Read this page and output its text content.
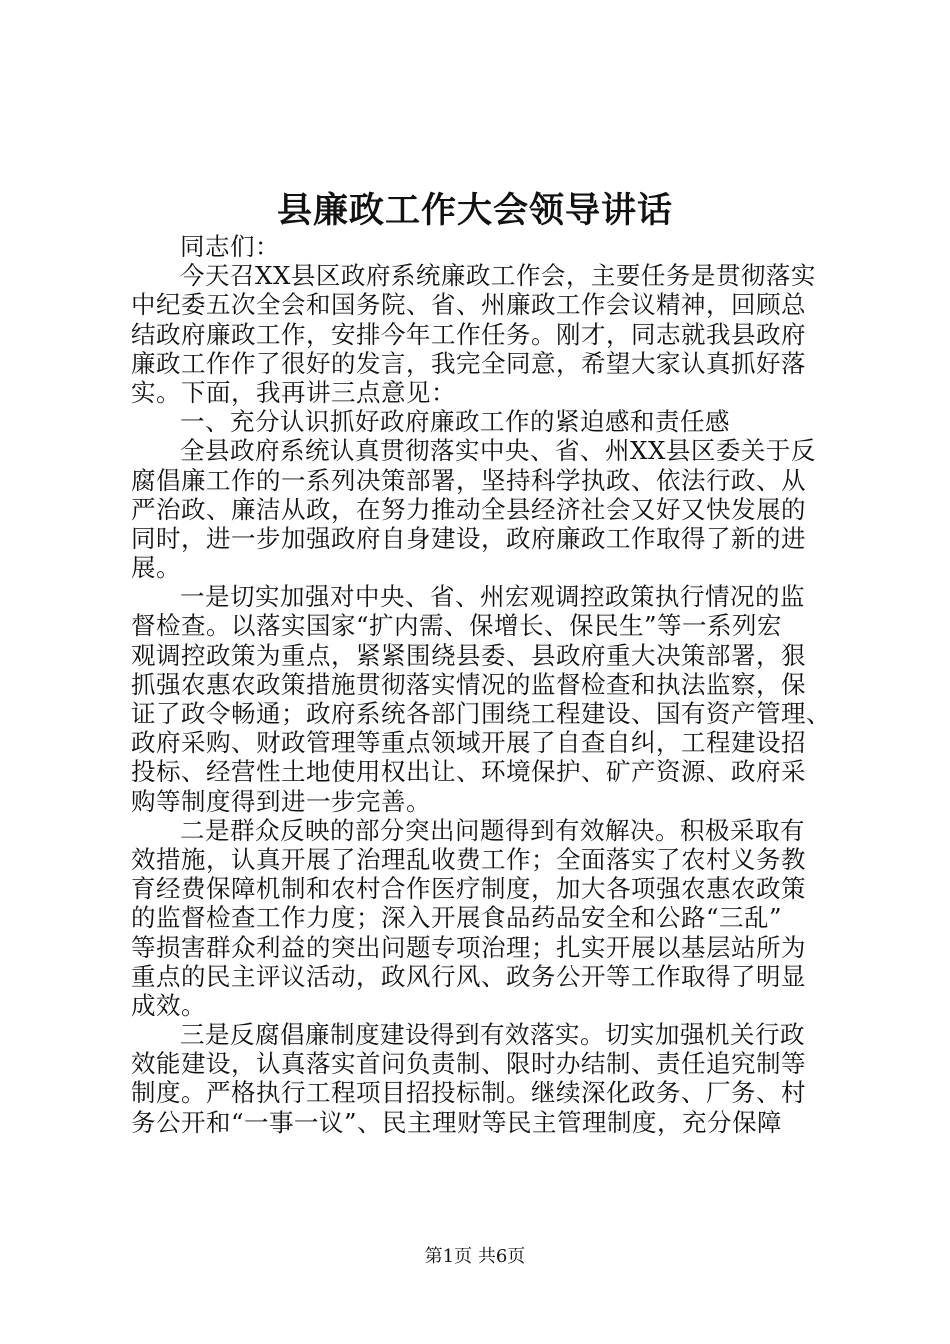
县廉政工作大会领导讲话
同志们：
今天召XX县区政府系统廉政工作会，主要任务是贯彻落实
中纪委五次全会和国务院、省、州廉政工作会议精神，回顾总
结政府廉政工作，安排今年工作任务。刚才，同志就我县政府
廉政工作作了很好的发言，我完全同意，希望大家认真抓好落
实。下面，我再讲三点意见：
一、充分认识抓好政府廉政工作的紧迫感和责任感
全县政府系统认真贯彻落实中央、省、州XX县区委关于反
腐倡廉工作的一系列决策部署，坚持科学执政、依法行政、从
严治政、廉洁从政，在努力推动全县经济社会又好又快发展的
同时，进一步加强政府自身建设，政府廉政工作取得了新的进
展。
一是切实加强对中央、省、州宏观调控政策执行情况的监
督检查。以落实国家“扩内需、保增长、保民生”等一系列宏
观调控政策为重点，紧紧围绕县委、县政府重大决策部署，狠
抓强农惠农政策措施贯彻落实情况的监督检查和执法监察，保
证了政令畅通；政府系统各部门围绕工程建设、国有资产管理、
政府采购、财政管理等重点领域开展了自查自纠，工程建设招
投标、经营性土地使用权出让、环境保护、矿产资源、政府采
购等制度得到进一步完善。
二是群众反映的部分突出问题得到有效解决。积极采取有
效措施，认真开展了治理乱收费工作；全面落实了农村义务教
育经费保障机制和农村合作医疗制度，加大各项强农惠农政策
的监督检查工作力度；深入开展食品药品安全和公路“三乱”
等损害群众利益的突出问题专项治理；扎实开展以基层站所为
重点的民主评议活动，政风行风、政务公开等工作取得了明显
成效。
三是反腐倡廉制度建设得到有效落实。切实加强机关行政
效能建设，认真落实首问负责制、限时办结制、责任追究制等
制度。严格执行工程项目招投标制。继续深化政务、厂务、村
务公开和“一事一议”、民主理财等民主管理制度，充分保障
第1页 共6页
